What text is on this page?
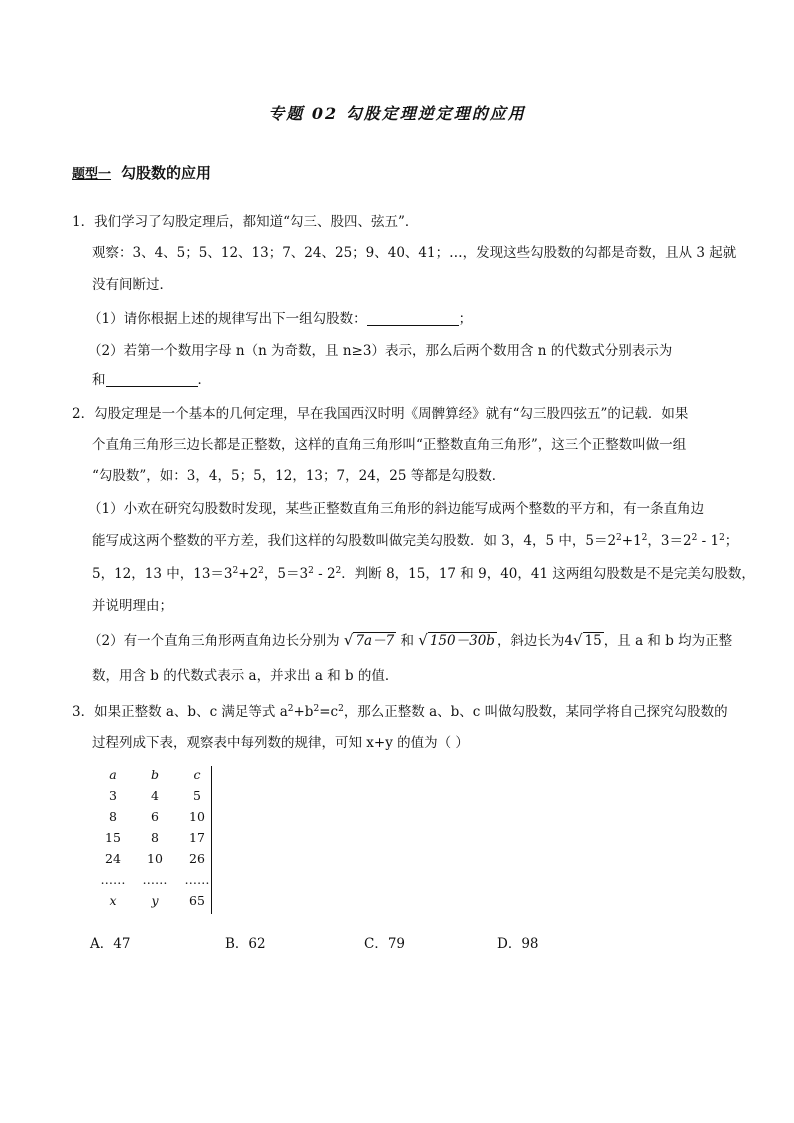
专题 02 勾股定理逆定理的应用
题型一 勾股数的应用
1．我们学习了勾股定理后，都知道“勾三、股四、弦五”．
观察：3、4、5；5、12、13；7、24、25；9、40、41；…，发现这些勾股数的勾都是奇数，且从 3 起就
没有间断过．
（1）请你根据上述的规律写出下一组勾股数：	；
（2）若第一个数用字母 n（n 为奇数，且 n≥3）表示，那么后两个数用含 n 的代数式分别表示为
和	．
2．勾股定理是一个基本的几何定理，早在我国西汉时明《周髀算经》就有“勾三股四弦五”的记载．如果
个直角三角形三边长都是正整数，这样的直角三角形叫“正整数直角三角形”，这三个正整数叫做一组
“勾股数”，如：3，4，5；5，12，13；7，24，25 等都是勾股数．
（1）小欢在研究勾股数时发现，某些正整数直角三角形的斜边能写成两个整数的平方和，有一条直角边
能写成这两个整数的平方差，我们这样的勾股数叫做完美勾股数．如 3，4，5 中，$5=2^2+1^2$，$3=2^2 - 1^2$；
5，12，13 中，$13=3^2+2^2$，$5=3^2 - 2^2$．判断 8，15，17 和 9，40，41 这两组勾股数是不是完美勾股数，
并说明理由；
（2）有一个直角三角形两直角边长分别为 √ 7a－7 和 √ 150－30b ，斜边长为4√ 15 ，且 a 和 b 均为正整
数，用含 b 的代数式表示 a，并求出 a 和 b 的值．
3．如果正整数 a、b、c 满足等式 $a^2+b^2=c^2$，那么正整数 a、b、c 叫做勾股数，某同学将自己探究勾股数的
过程列成下表，观察表中每列数的规律，可知 x+y 的值为（ ）
a	b	c
3	4	5
8	6	10
15	8	17
24	10	26
……	……	……
x	y	65
A．47	B．62	C．79	D．98
